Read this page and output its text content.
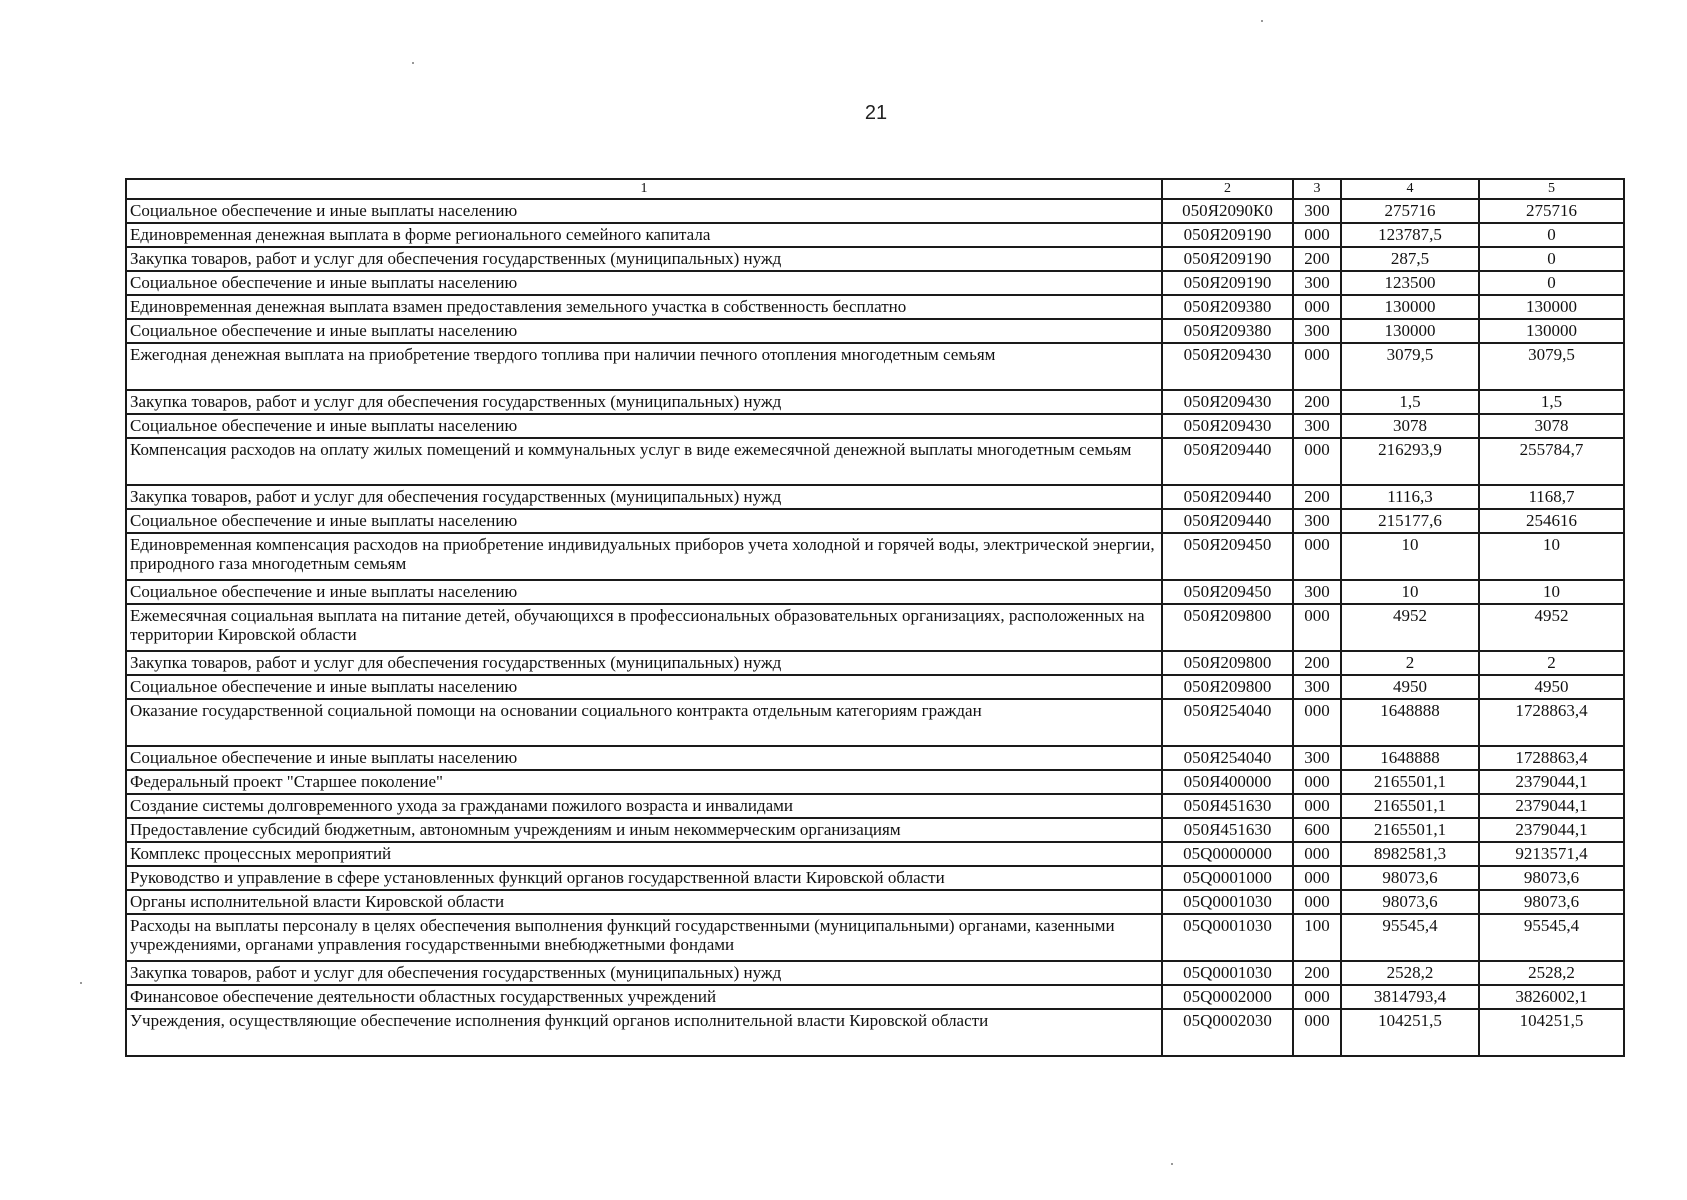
21
1	2	3	4	5
Социальное обеспечение и иные выплаты населению	050Я2090К0	300	275716	275716
Единовременная денежная выплата в форме регионального семейного капитала	050Я209190	000	123787,5	0
Закупка товаров, работ и услуг для обеспечения государственных (муниципальных) нужд	050Я209190	200	287,5	0
Социальное обеспечение и иные выплаты населению	050Я209190	300	123500	0
Единовременная денежная выплата взамен предоставления земельного участка в собственность бесплатно	050Я209380	000	130000	130000
Социальное обеспечение и иные выплаты населению	050Я209380	300	130000	130000
Ежегодная денежная выплата на приобретение твердого топлива при наличии печного отопления многодетным семьям	050Я209430	000	3079,5	3079,5
Закупка товаров, работ и услуг для обеспечения государственных (муниципальных) нужд	050Я209430	200	1,5	1,5
Социальное обеспечение и иные выплаты населению	050Я209430	300	3078	3078
Компенсация расходов на оплату жилых помещений и коммунальных услуг в виде ежемесячной денежной выплаты многодетным семьям	050Я209440	000	216293,9	255784,7
Закупка товаров, работ и услуг для обеспечения государственных (муниципальных) нужд	050Я209440	200	1116,3	1168,7
Социальное обеспечение и иные выплаты населению	050Я209440	300	215177,6	254616
Единовременная компенсация расходов на приобретение индивидуальных приборов учета холодной и горячей воды, электрической энергии, природного газа многодетным семьям	050Я209450	000	10	10
Социальное обеспечение и иные выплаты населению	050Я209450	300	10	10
Ежемесячная социальная выплата на питание детей, обучающихся в профессиональных образовательных организациях, расположенных на территории Кировской области	050Я209800	000	4952	4952
Закупка товаров, работ и услуг для обеспечения государственных (муниципальных) нужд	050Я209800	200	2	2
Социальное обеспечение и иные выплаты населению	050Я209800	300	4950	4950
Оказание государственной социальной помощи на основании социального контракта отдельным категориям граждан	050Я254040	000	1648888	1728863,4
Социальное обеспечение и иные выплаты населению	050Я254040	300	1648888	1728863,4
Федеральный проект "Старшее поколение"	050Я400000	000	2165501,1	2379044,1
Создание системы долговременного ухода за гражданами пожилого возраста и инвалидами	050Я451630	000	2165501,1	2379044,1
Предоставление субсидий бюджетным, автономным учреждениям и иным некоммерческим организациям	050Я451630	600	2165501,1	2379044,1
Комплекс процессных мероприятий	05Q0000000	000	8982581,3	9213571,4
Руководство и управление в сфере установленных функций органов государственной власти Кировской области	05Q0001000	000	98073,6	98073,6
Органы исполнительной власти Кировской области	05Q0001030	000	98073,6	98073,6
Расходы на выплаты персоналу в целях обеспечения выполнения функций государственными (муниципальными) органами, казенными учреждениями, органами управления государственными внебюджетными фондами	05Q0001030	100	95545,4	95545,4
Закупка товаров, работ и услуг для обеспечения государственных (муниципальных) нужд	05Q0001030	200	2528,2	2528,2
Финансовое обеспечение деятельности областных государственных учреждений	05Q0002000	000	3814793,4	3826002,1
Учреждения, осуществляющие обеспечение исполнения функций органов исполнительной власти Кировской области	05Q0002030	000	104251,5	104251,5
